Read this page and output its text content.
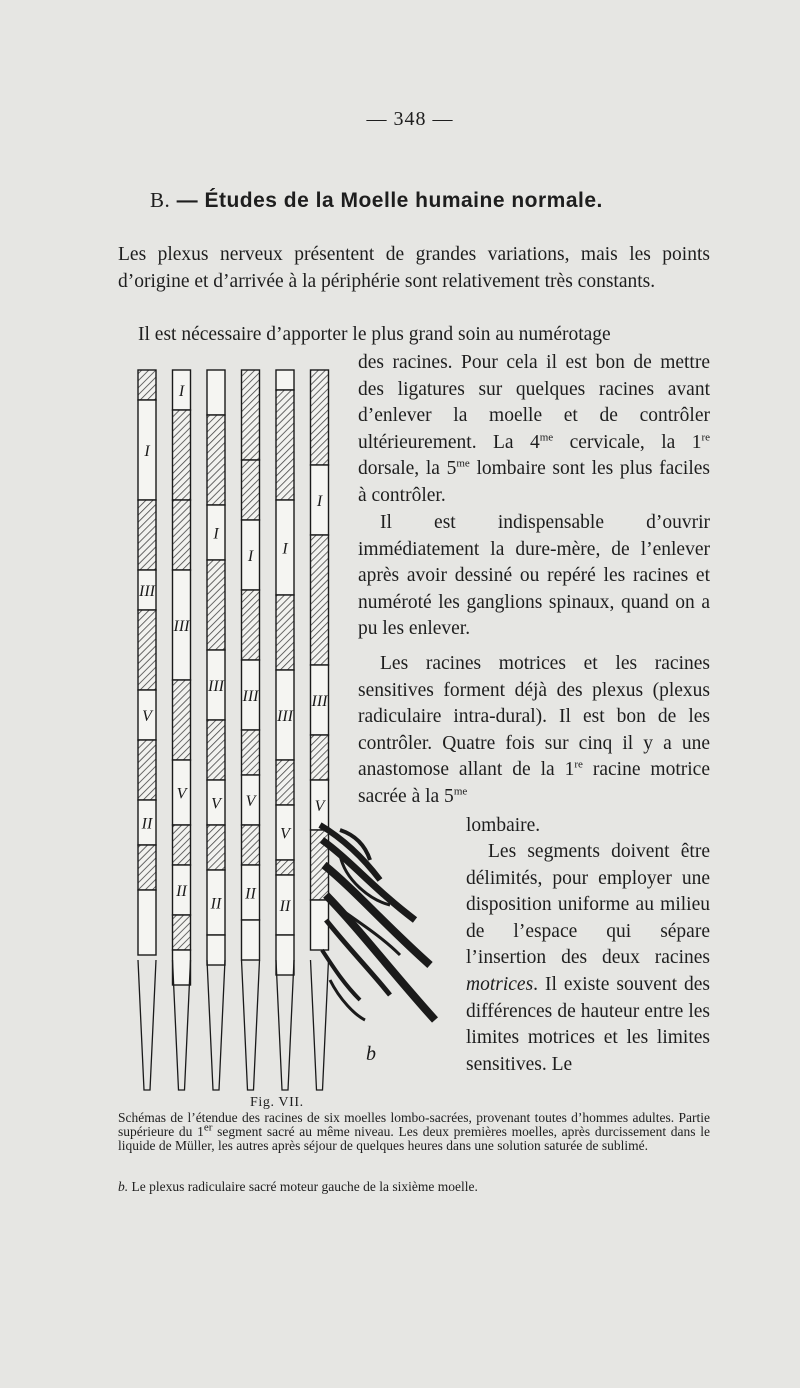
— 348 —
B. — Études de la Moelle humaine normale.

Les plexus nerveux présentent de grandes variations, mais les points d’origine et d’arrivée à la périphérie sont relativement très constants.

Il est nécessaire d’apporter le plus grand soin au numérotage

des racines. Pour cela il est bon de mettre des ligatures sur quelques racines avant d’enlever la moelle et de contrôler ultérieurement. La $4^{me}$ cervicale, la 1re dorsale, la $5^{me}$ lombaire sont les plus faciles à contrôler.

Il est indispensable d’ouvrir immédiatement la dure-mère, de l’enlever après avoir dessiné ou repéré les racines et numéroté les ganglions spinaux, quand on a pu les enlever.

Les racines motrices et les racines sensitives forment déjà des plexus (plexus radiculaire intra-dural). Il est bon de les contrôler. Quatre fois sur cinq il y a une anastomose allant de la 1re racine motrice sacrée à la $5^{me}$

lombaire.

Les segments doivent être délimités, pour employer une disposition uniforme au milieu de l’espace qui sépare l’insertion des deux racines motrices. Il existe souvent des différences de hauteur entre les limites motrices et les limites sensitives. Le

I
III
V
II
I
III
V
II
I
III
V
II
I
III
V
II
I
III
V
II
I
III
V
b
Fig. VII.

Schémas de l’étendue des racines de six moelles lombo-sacrées, provenant toutes d’hommes adultes. Partie supérieure du 1er segment sacré au même niveau. Les deux premières moelles, après durcissement dans le liquide de Müller, les autres après séjour de quelques heures dans une solution saturée de sublimé.

b. Le plexus radiculaire sacré moteur gauche de la sixième moelle.
